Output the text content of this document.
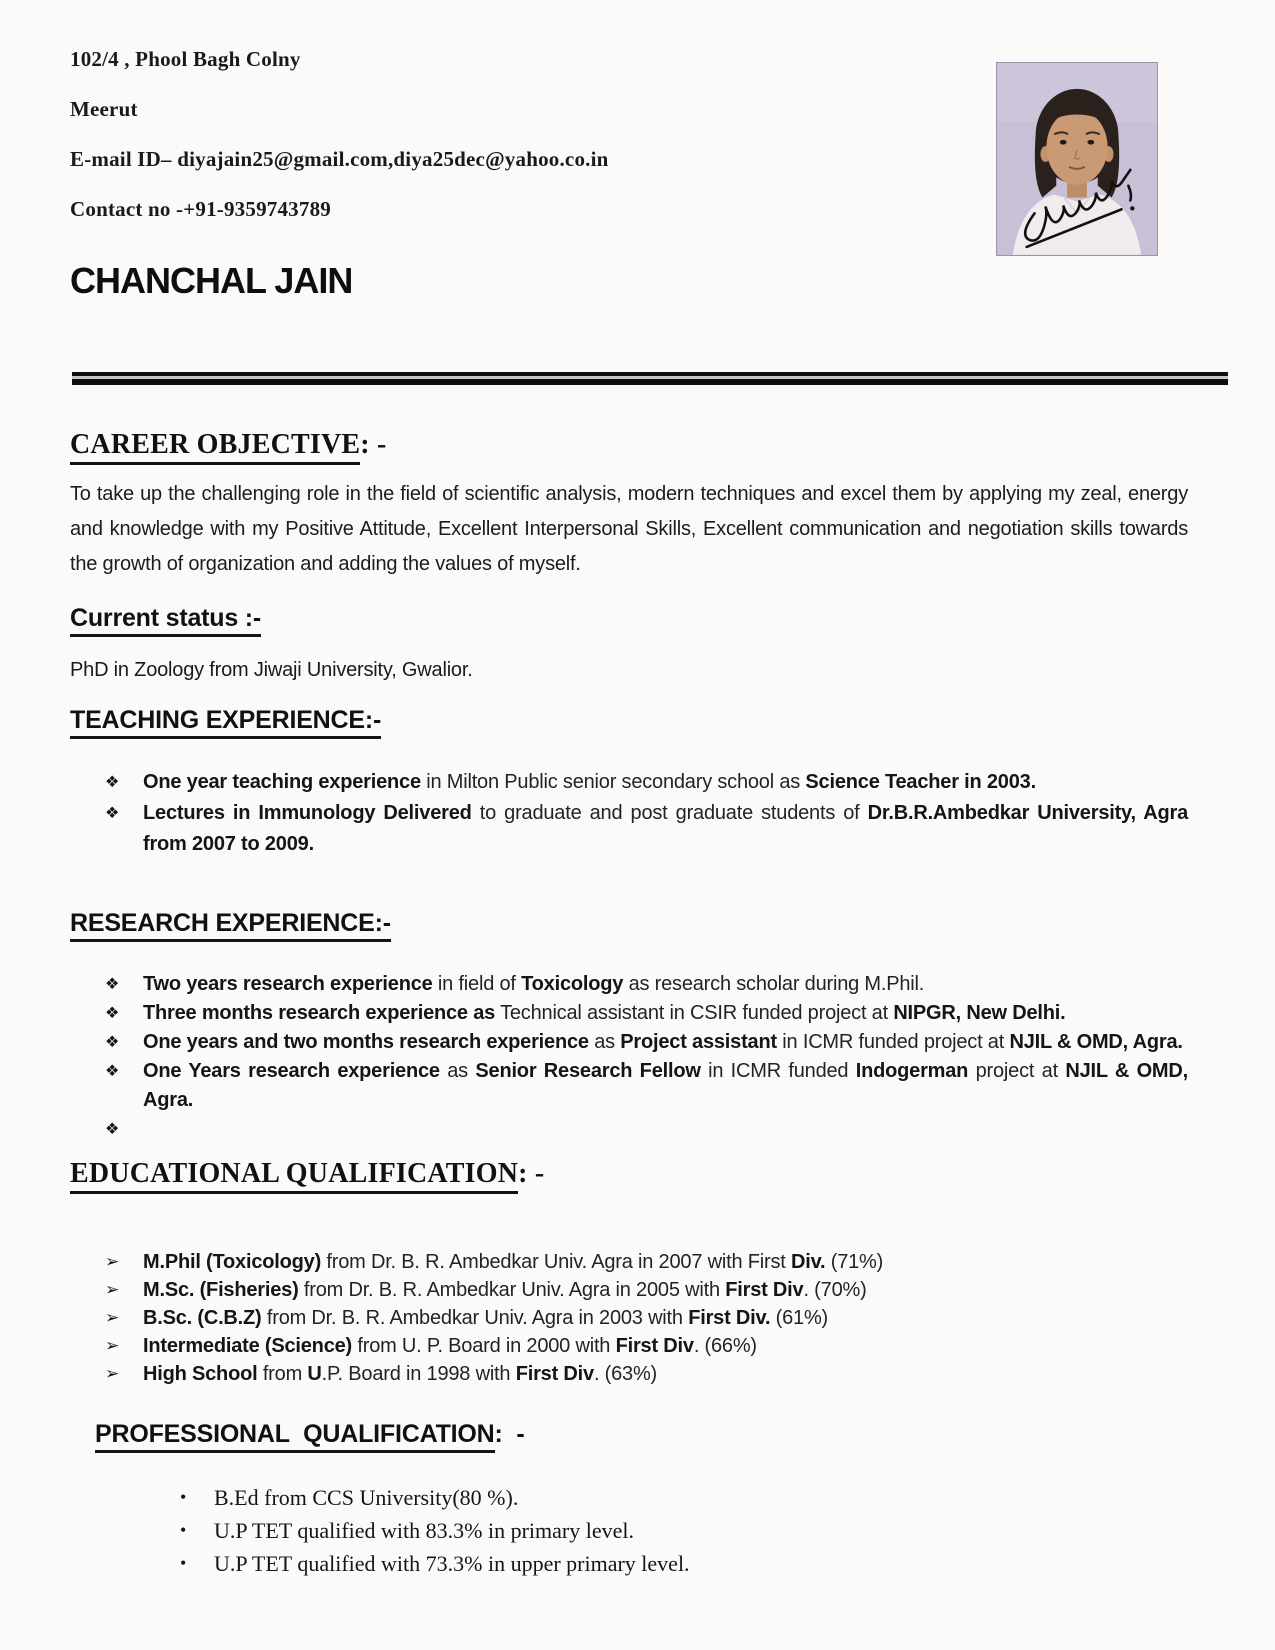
102/4 , Phool Bagh Colny
Meerut
E-mail ID– diyajain25@gmail.com,diya25dec@yahoo.co.in
Contact no -+91-9359743789
CHANCHAL JAIN
CAREER OBJECTIVE: -

To take up the challenging role in the field of scientific analysis, modern techniques and excel them by applying my zeal, energy and knowledge with my Positive Attitude, Excellent Interpersonal Skills, Excellent communication and negotiation skills towards the growth of organization and adding the values of myself.

Current status :-

PhD in Zoology from Jiwaji University, Gwalior.

TEACHING EXPERIENCE:-
❖ One year teaching experience in Milton Public senior secondary school as Science Teacher in 2003.
❖ Lectures in Immunology Delivered to graduate and post graduate students of Dr.B.R.Ambedkar University, Agra from 2007 to 2009.
RESEARCH EXPERIENCE:-
❖ Two years research experience in field of Toxicology as research scholar during M.Phil.
❖ Three months research experience as Technical assistant in CSIR funded project at NIPGR, New Delhi.
❖ One years and two months research experience as Project assistant in ICMR funded project at NJIL & OMD, Agra.
❖ One Years research experience as Senior Research Fellow in ICMR funded Indogerman project at NJIL & OMD, Agra.
❖
EDUCATIONAL QUALIFICATION: -
➢ M.Phil (Toxicology) from Dr. B. R. Ambedkar Univ. Agra in 2007 with First Div. (71%)
➢ M.Sc. (Fisheries) from Dr. B. R. Ambedkar Univ. Agra in 2005 with First Div. (70%)
➢ B.Sc. (C.B.Z) from Dr. B. R. Ambedkar Univ. Agra in 2003 with First Div. (61%)
➢ Intermediate (Science) from U. P. Board in 2000 with First Div. (66%)
➢ High School from U.P. Board in 1998 with First Div. (63%)
PROFESSIONAL QUALIFICATION: -
• B.Ed from CCS University(80 %).
• U.P TET qualified with 83.3% in primary level.
• U.P TET qualified with 73.3% in upper primary level.
